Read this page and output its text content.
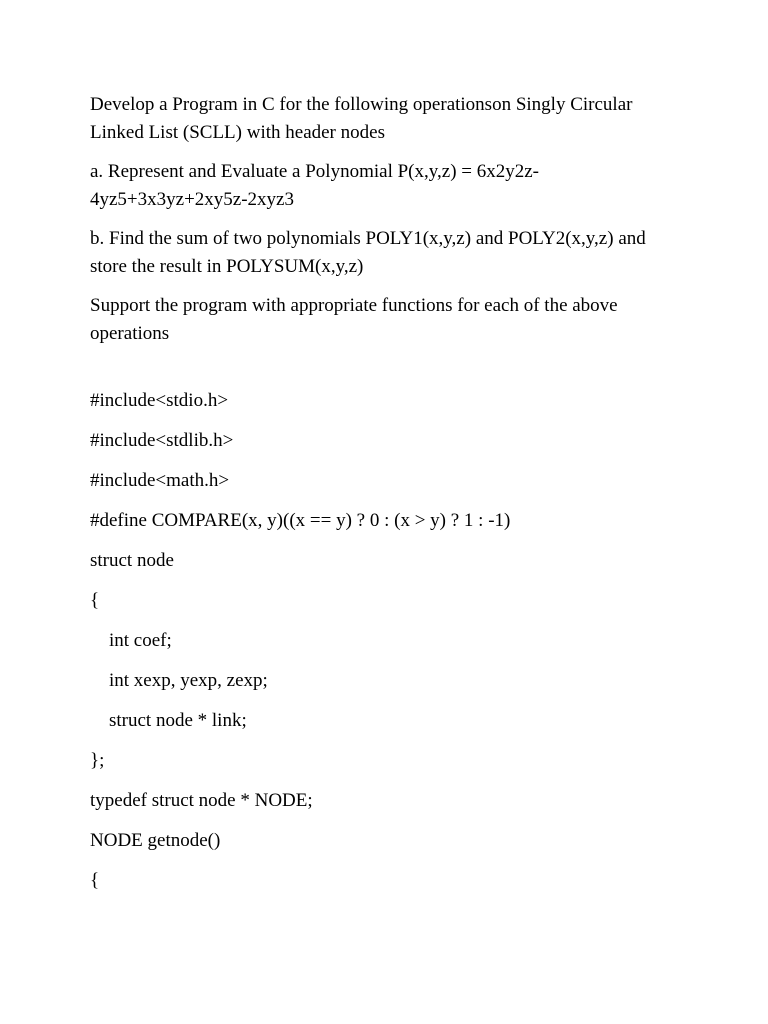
Develop a Program in C for the following operationson Singly Circular Linked List (SCLL) with header nodes

a. Represent and Evaluate a Polynomial P(x,y,z) = 6x2y2z-4yz5+3x3yz+2xy5z-2xyz3

b. Find the sum of two polynomials POLY1(x,y,z) and POLY2(x,y,z) and store the result in POLYSUM(x,y,z)

Support the program with appropriate functions for each of the above operations

#include<stdio.h>

#include<stdlib.h>

#include<math.h>

#define COMPARE(x, y)((x == y) ? 0 : (x > y) ? 1 : -1)

struct node

{

int coef;

int xexp, yexp, zexp;

struct node * link;

};

typedef struct node * NODE;

NODE getnode()

{
